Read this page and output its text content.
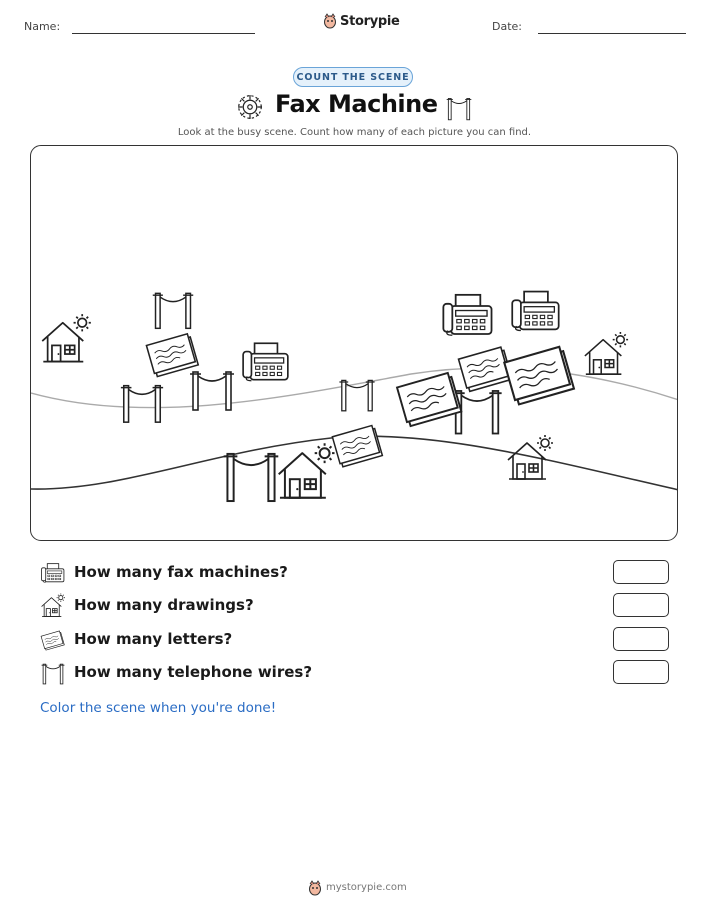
Name:	Storypie	Date:
COUNT THE SCENE
Fax Machine
Look at the busy scene. Count how many of each picture you can find.
How many fax machines?
How many drawings?
How many letters?
How many telephone wires?
Color the scene when you're done!
mystorypie.com
